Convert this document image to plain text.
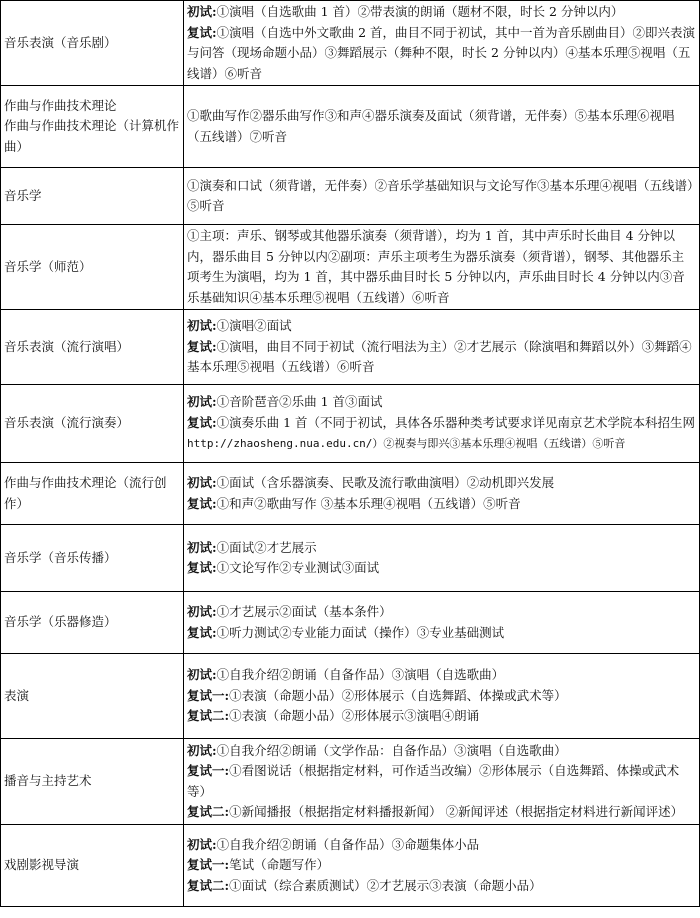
音乐表演（音乐剧）	初试:①演唱（自选歌曲 1 首）②带表演的朗诵（题材不限，时长 2 分钟以内）
复试:①演唱（自选中外文歌曲 2 首，曲目不同于初试，其中一首为音乐剧曲目）②即兴表演与问答（现场命题小品）③舞蹈展示（舞种不限，时长 2 分钟以内）④基本乐理⑤视唱（五线谱）⑥听音

作曲与作曲技术理论
作曲与作曲技术理论（计算机作曲）	①歌曲写作②器乐曲写作③和声④器乐演奏及面试（须背谱，无伴奏）⑤基本乐理⑥视唱（五线谱）⑦听音

音乐学	①演奏和口试（须背谱，无伴奏）②音乐学基础知识与文论写作③基本乐理④视唱（五线谱）⑤听音

音乐学（师范）	①主项：声乐、钢琴或其他器乐演奏（须背谱），均为 1 首，其中声乐时长曲目 4 分钟以内，器乐曲目 5 分钟以内②副项：声乐主项考生为器乐演奏（须背谱），钢琴、其他器乐主项考生为演唱，均为 1 首，其中器乐曲目时长 5 分钟以内，声乐曲目时长 4 分钟以内③音乐基础知识④基本乐理⑤视唱（五线谱）⑥听音

音乐表演（流行演唱）	初试:①演唱②面试
复试:①演唱，曲目不同于初试（流行唱法为主）②才艺展示（除演唱和舞蹈以外）③舞蹈④基本乐理⑤视唱（五线谱）⑥听音

音乐表演（流行演奏）	初试:①音阶琶音②乐曲 1 首③面试
复试:①演奏乐曲 1 首（不同于初试，具体各乐器种类考试要求详见南京艺术学院本科招生网
http://zhaosheng.nua.edu.cn/）②视奏与即兴③基本乐理④视唱（五线谱）⑤听音

作曲与作曲技术理论（流行创作）	初试:①面试（含乐器演奏、民歌及流行歌曲演唱）②动机即兴发展
复试:①和声②歌曲写作 ③基本乐理④视唱（五线谱）⑤听音

音乐学（音乐传播）	初试:①面试②才艺展示
复试:①文论写作②专业测试③面试

音乐学（乐器修造）	初试:①才艺展示②面试（基本条件）
复试:①听力测试②专业能力面试（操作）③专业基础测试

表演	初试:①自我介绍②朗诵（自备作品）③演唱（自选歌曲）
复试一:①表演（命题小品）②形体展示（自选舞蹈、体操或武术等）
复试二:①表演（命题小品）②形体展示③演唱④朗诵

播音与主持艺术	初试:①自我介绍②朗诵（文学作品：自备作品）③演唱（自选歌曲）
复试一:①看图说话（根据指定材料，可作适当改编）②形体展示（自选舞蹈、体操或武术等）
复试二:①新闻播报（根据指定材料播报新闻） ②新闻评述（根据指定材料进行新闻评述）

戏剧影视导演	初试:①自我介绍②朗诵（自备作品）③命题集体小品
复试一:笔试（命题写作）
复试二:①面试（综合素质测试）②才艺展示③表演（命题小品）
